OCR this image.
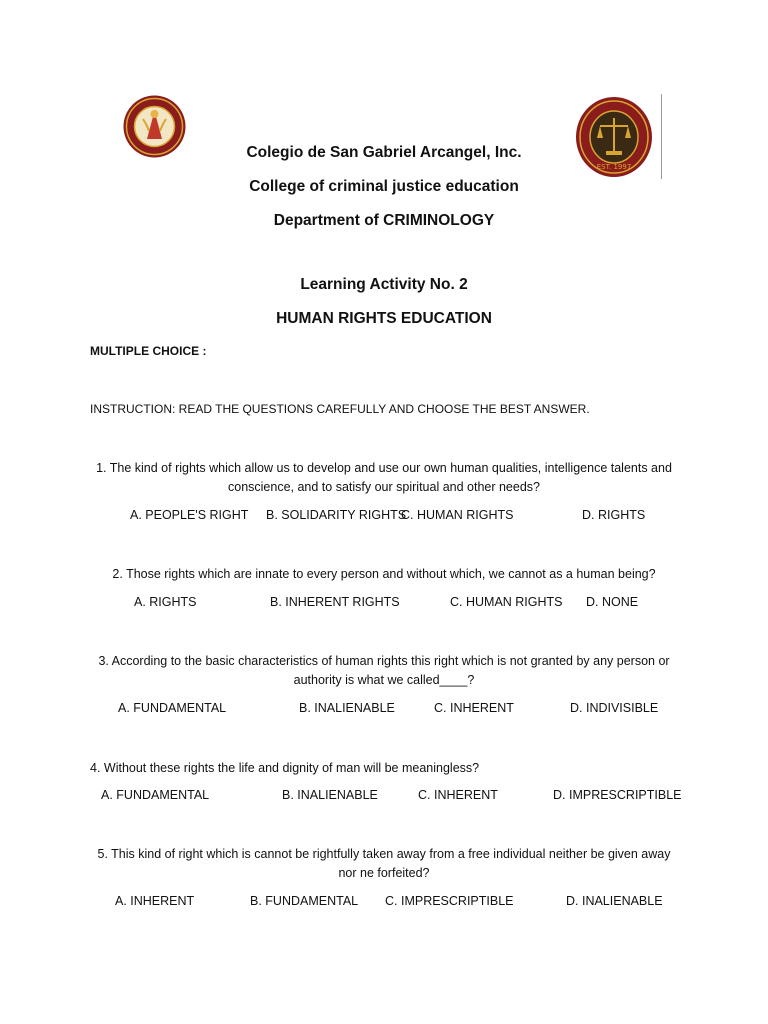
EST. 1997
Colegio de San Gabriel Arcangel, Inc.
College of criminal justice education
Department of CRIMINOLOGY
Learning Activity No. 2
HUMAN RIGHTS EDUCATION
MULTIPLE CHOICE :
INSTRUCTION: READ THE QUESTIONS CAREFULLY AND CHOOSE THE BEST ANSWER.
1. The kind of rights which allow us to develop and use our own human qualities, intelligence talents and conscience, and to satisfy our spiritual and other needs?
A. PEOPLE'S RIGHT B. SOLIDARITY RIGHTS
C. HUMAN RIGHTS	D. RIGHTS
2. Those rights which are innate to every person and without which, we cannot as a human being?
A. RIGHTS	B. INHERENT RIGHTS	C. HUMAN RIGHTS D. NONE
3. According to the basic characteristics of human rights this right which is not granted by any person or authority is what we called____?
A. FUNDAMENTAL	B. INALIENABLE	C. INHERENT	D. INDIVISIBLE
4. Without these rights the life and dignity of man will be meaningless?
A. FUNDAMENTAL	B. INALIENABLE	C. INHERENT	D. IMPRESCRIPTIBLE
5. This kind of right which is cannot be rightfully taken away from a free individual neither be given away nor ne forfeited?
A. INHERENT	B. FUNDAMENTAL C. IMPRESCRIPTIBLE	D. INALIENABLE
